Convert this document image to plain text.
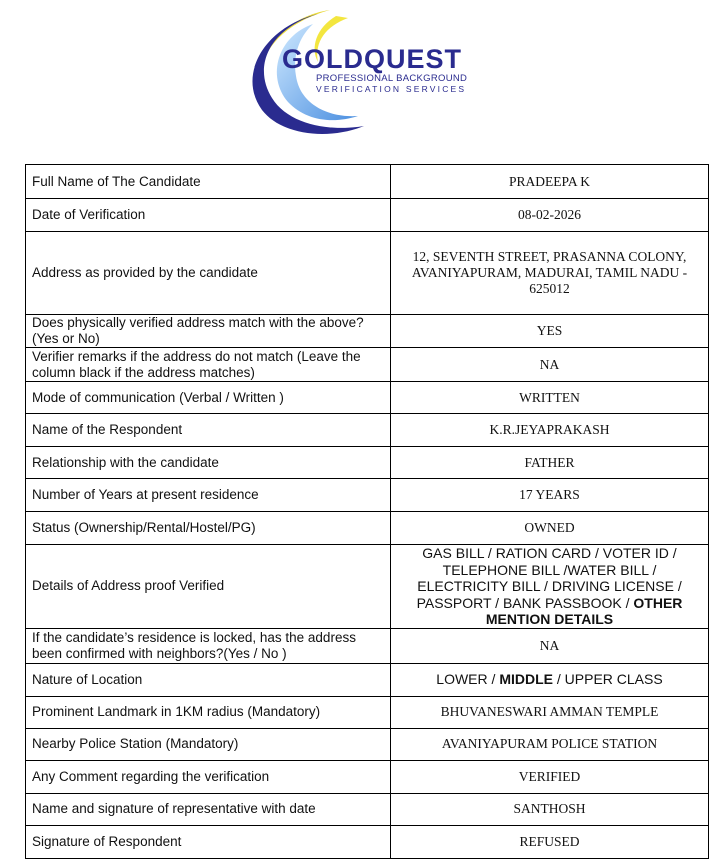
GOLDQUEST
PROFESSIONAL BACKGROUND
VERIFICATION SERVICES
Full Name of The Candidate	PRADEEPA K
Date of Verification	08-02-2026
Address as provided by the candidate	12, SEVENTH STREET, PRASANNA COLONY, AVANIYAPURAM, MADURAI, TAMIL NADU - 625012
Does physically verified address match with the above? (Yes or No)	YES
Verifier remarks if the address do not match (Leave the column black if the address matches)	NA
Mode of communication (Verbal / Written )	WRITTEN
Name of the Respondent	K.R.JEYAPRAKASH
Relationship with the candidate	FATHER
Number of Years at present residence	17 YEARS
Status (Ownership/Rental/Hostel/PG)	OWNED
Details of Address proof Verified	GAS BILL / RATION CARD / VOTER ID / TELEPHONE BILL /WATER BILL / ELECTRICITY BILL / DRIVING LICENSE / PASSPORT / BANK PASSBOOK / OTHER MENTION DETAILS
If the candidate’s residence is locked, has the address been confirmed with neighbors?(Yes / No )	NA
Nature of Location	LOWER / MIDDLE / UPPER CLASS
Prominent Landmark in 1KM radius (Mandatory)	BHUVANESWARI AMMAN TEMPLE
Nearby Police Station (Mandatory)	AVANIYAPURAM POLICE STATION
Any Comment regarding the verification	VERIFIED
Name and signature of representative with date	SANTHOSH
Signature of Respondent	REFUSED
